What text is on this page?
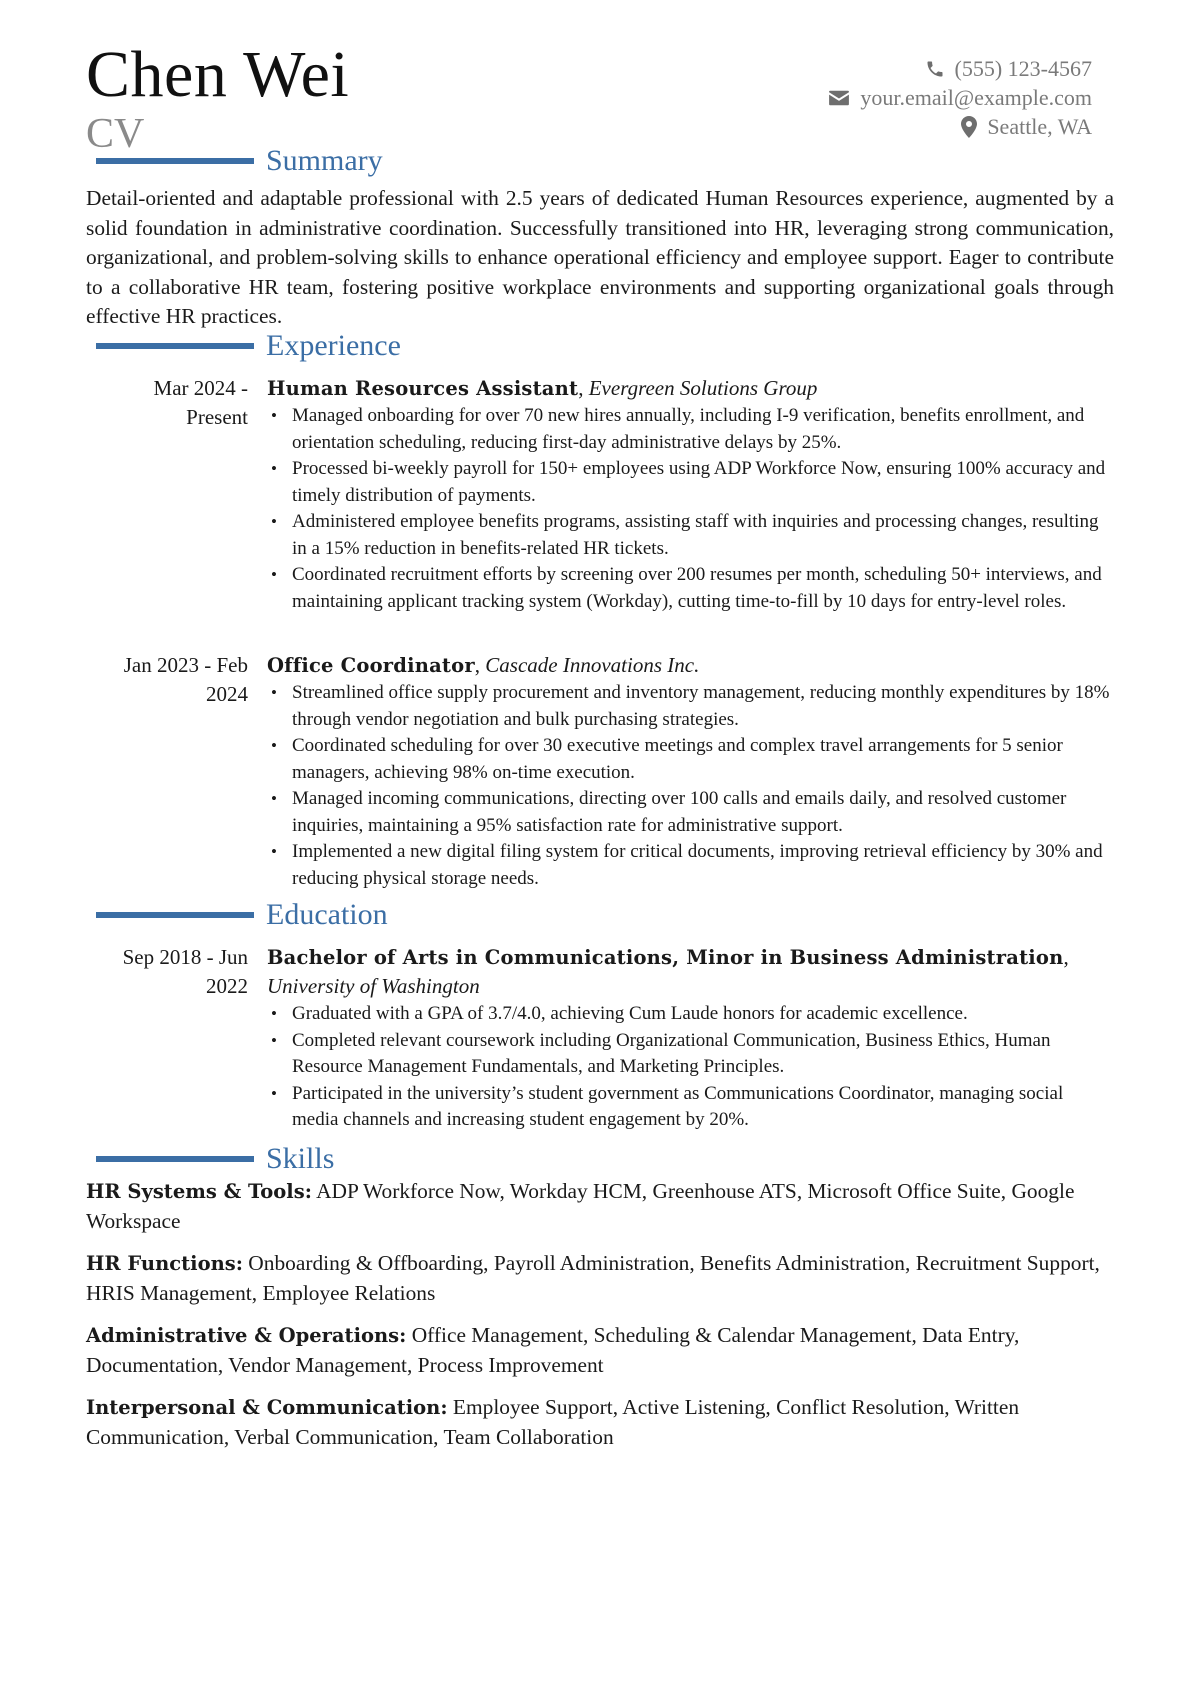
Chen Wei
CV
(555) 123-4567
your.email@example.com
Seattle, WA
Summary
Detail-oriented and adaptable professional with 2.5 years of dedicated Human Resources experience, augmented by a solid foundation in administrative coordination. Successfully transitioned into HR, leveraging strong communication, organizational, and problem-solving skills to enhance operational efficiency and employee support. Eager to contribute to a collaborative HR team, fostering positive workplace environments and supporting organizational goals through effective HR practices.
Experience
Mar 2024 -
Present
Human Resources Assistant, Evergreen Solutions Group
• Managed onboarding for over 70 new hires annually, including I-9 verification, benefits enrollment, and orientation scheduling, reducing first-day administrative delays by 25%.
• Processed bi-weekly payroll for 150+ employees using ADP Workforce Now, ensuring 100% accuracy and timely distribution of payments.
• Administered employee benefits programs, assisting staff with inquiries and processing changes, resulting in a 15% reduction in benefits-related HR tickets.
• Coordinated recruitment efforts by screening over 200 resumes per month, scheduling 50+ interviews, and maintaining applicant tracking system (Workday), cutting time-to-fill by 10 days for entry-level roles.
Jan 2023 - Feb
2024
Office Coordinator, Cascade Innovations Inc.
• Streamlined office supply procurement and inventory management, reducing monthly expenditures by 18% through vendor negotiation and bulk purchasing strategies.
• Coordinated scheduling for over 30 executive meetings and complex travel arrangements for 5 senior managers, achieving 98% on-time execution.
• Managed incoming communications, directing over 100 calls and emails daily, and resolved customer inquiries, maintaining a 95% satisfaction rate for administrative support.
• Implemented a new digital filing system for critical documents, improving retrieval efficiency by 30% and reducing physical storage needs.
Education
Sep 2018 - Jun
2022
Bachelor of Arts in Communications, Minor in Business Administration,
University of Washington
• Graduated with a GPA of 3.7/4.0, achieving Cum Laude honors for academic excellence.
• Completed relevant coursework including Organizational Communication, Business Ethics, Human Resource Management Fundamentals, and Marketing Principles.
• Participated in the university’s student government as Communications Coordinator, managing social media channels and increasing student engagement by 20%.
Skills
HR Systems & Tools: ADP Workforce Now, Workday HCM, Greenhouse ATS, Microsoft Office Suite, Google Workspace
HR Functions: Onboarding & Offboarding, Payroll Administration, Benefits Administration, Recruitment Support, HRIS Management, Employee Relations
Administrative & Operations: Office Management, Scheduling & Calendar Management, Data Entry, Documentation, Vendor Management, Process Improvement
Interpersonal & Communication: Employee Support, Active Listening, Conflict Resolution, Written Communication, Verbal Communication, Team Collaboration
